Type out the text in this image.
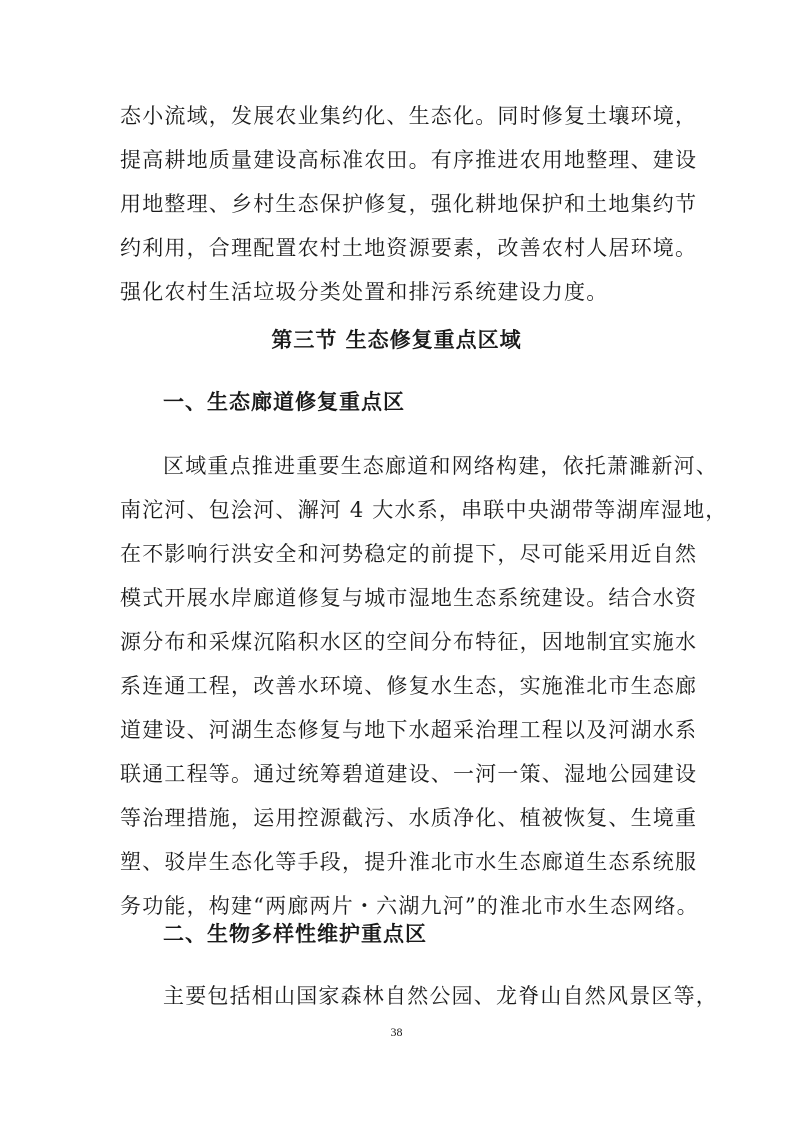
态小流域，发展农业集约化、生态化。同时修复土壤环境，
提高耕地质量建设高标准农田。有序推进农用地整理、建设
用地整理、乡村生态保护修复，强化耕地保护和土地集约节
约利用，合理配置农村土地资源要素，改善农村人居环境。
强化农村生活垃圾分类处置和排污系统建设力度。
第三节 生态修复重点区域
一、生态廊道修复重点区
区域重点推进重要生态廊道和网络构建，依托萧濉新河、
南沱河、包浍河、澥河 4 大水系，串联中央湖带等湖库湿地，
在不影响行洪安全和河势稳定的前提下，尽可能采用近自然
模式开展水岸廊道修复与城市湿地生态系统建设。结合水资
源分布和采煤沉陷积水区的空间分布特征，因地制宜实施水
系连通工程，改善水环境、修复水生态，实施淮北市生态廊
道建设、河湖生态修复与地下水超采治理工程以及河湖水系
联通工程等。通过统筹碧道建设、一河一策、湿地公园建设
等治理措施，运用控源截污、水质净化、植被恢复、生境重
塑、驳岸生态化等手段，提升淮北市水生态廊道生态系统服
务功能，构建“两廊两片・六湖九河”的淮北市水生态网络。
二、生物多样性维护重点区
主要包括相山国家森林自然公园、龙脊山自然风景区等，
38
